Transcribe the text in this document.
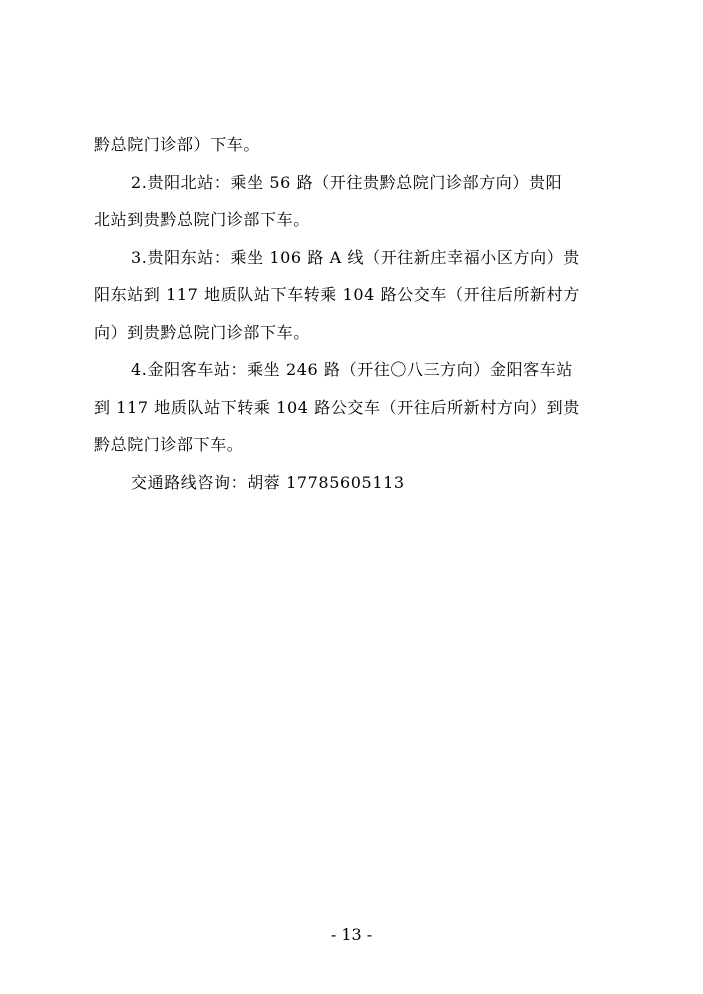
黔总院门诊部）下车。
2.贵阳北站：乘坐 56 路（开往贵黔总院门诊部方向）贵阳
北站到贵黔总院门诊部下车。
3.贵阳东站：乘坐 106 路 A 线（开往新庄幸福小区方向）贵
阳东站到 117 地质队站下车转乘 104 路公交车（开往后所新村方
向）到贵黔总院门诊部下车。
4.金阳客车站：乘坐 246 路（开往〇八三方向）金阳客车站
到 117 地质队站下转乘 104 路公交车（开往后所新村方向）到贵
黔总院门诊部下车。
交通路线咨询：胡蓉 17785605113
- 13 -
